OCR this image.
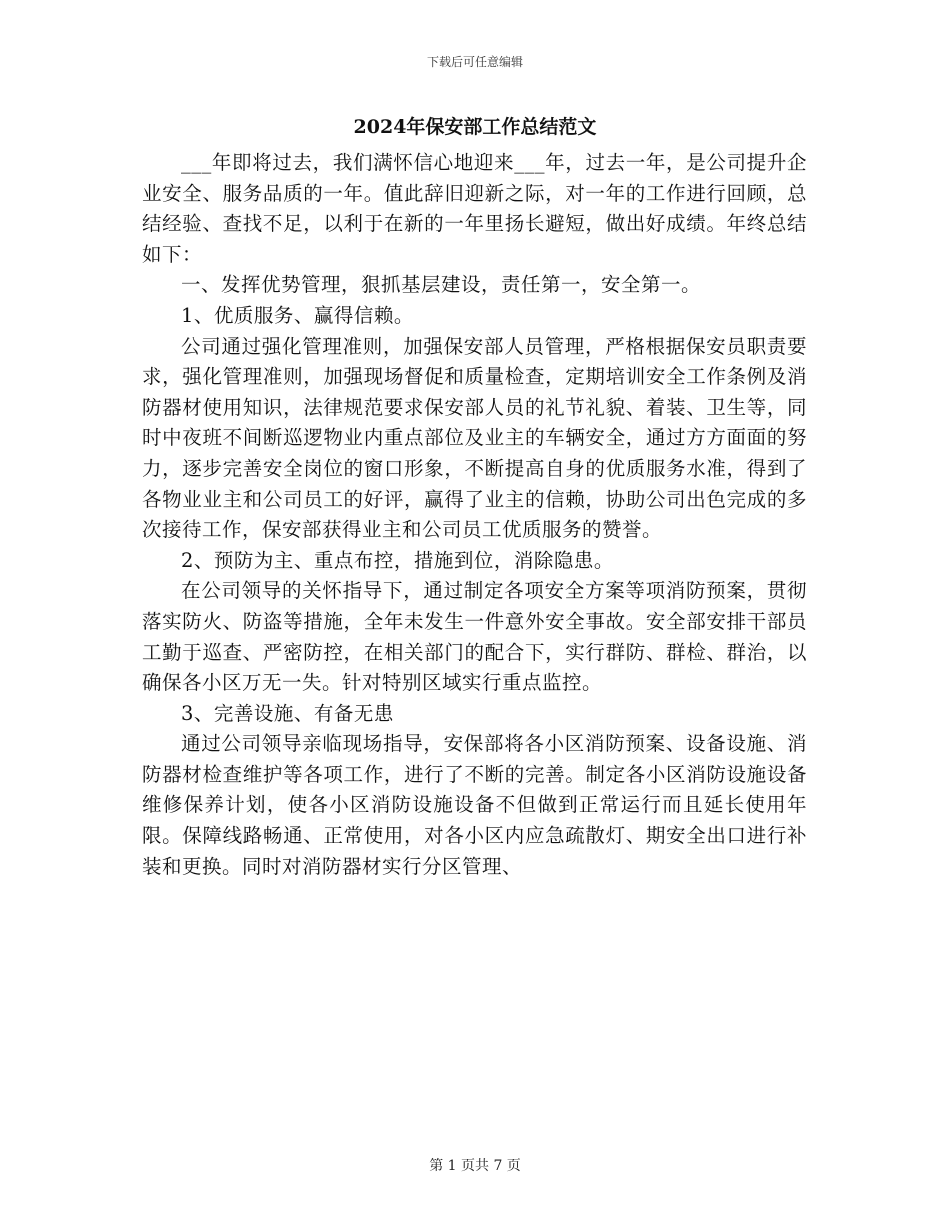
下载后可任意编辑
2024年保安部工作总结范文

___年即将过去，我们满怀信心地迎来___年，过去一年，是公司提升企业安全、服务品质的一年。值此辞旧迎新之际，对一年的工作进行回顾，总结经验、查找不足，以利于在新的一年里扬长避短，做出好成绩。年终总结如下：

一、发挥优势管理，狠抓基层建设，责任第一，安全第一。

1、优质服务、赢得信赖。

公司通过强化管理准则，加强保安部人员管理，严格根据保安员职责要求，强化管理准则，加强现场督促和质量检查，定期培训安全工作条例及消防器材使用知识，法律规范要求保安部人员的礼节礼貌、着装、卫生等，同时中夜班不间断巡逻物业内重点部位及业主的车辆安全，通过方方面面的努力，逐步完善安全岗位的窗口形象，不断提高自身的优质服务水准，得到了各物业业主和公司员工的好评，赢得了业主的信赖，协助公司出色完成的多次接待工作，保安部获得业主和公司员工优质服务的赞誉。

2、预防为主、重点布控，措施到位，消除隐患。

在公司领导的关怀指导下，通过制定各项安全方案等项消防预案，贯彻落实防火、防盗等措施，全年未发生一件意外安全事故。安全部安排干部员工勤于巡查、严密防控，在相关部门的配合下，实行群防、群检、群治，以确保各小区万无一失。针对特别区域实行重点监控。

3、完善设施、有备无患

通过公司领导亲临现场指导，安保部将各小区消防预案、设备设施、消防器材检查维护等各项工作，进行了不断的完善。制定各小区消防设施设备维修保养计划，使各小区消防设施设备不但做到正常运行而且延长使用年限。保障线路畅通、正常使用，对各小区内应急疏散灯、期安全出口进行补装和更换。同时对消防器材实行分区管理、

第 1 页共 7 页
